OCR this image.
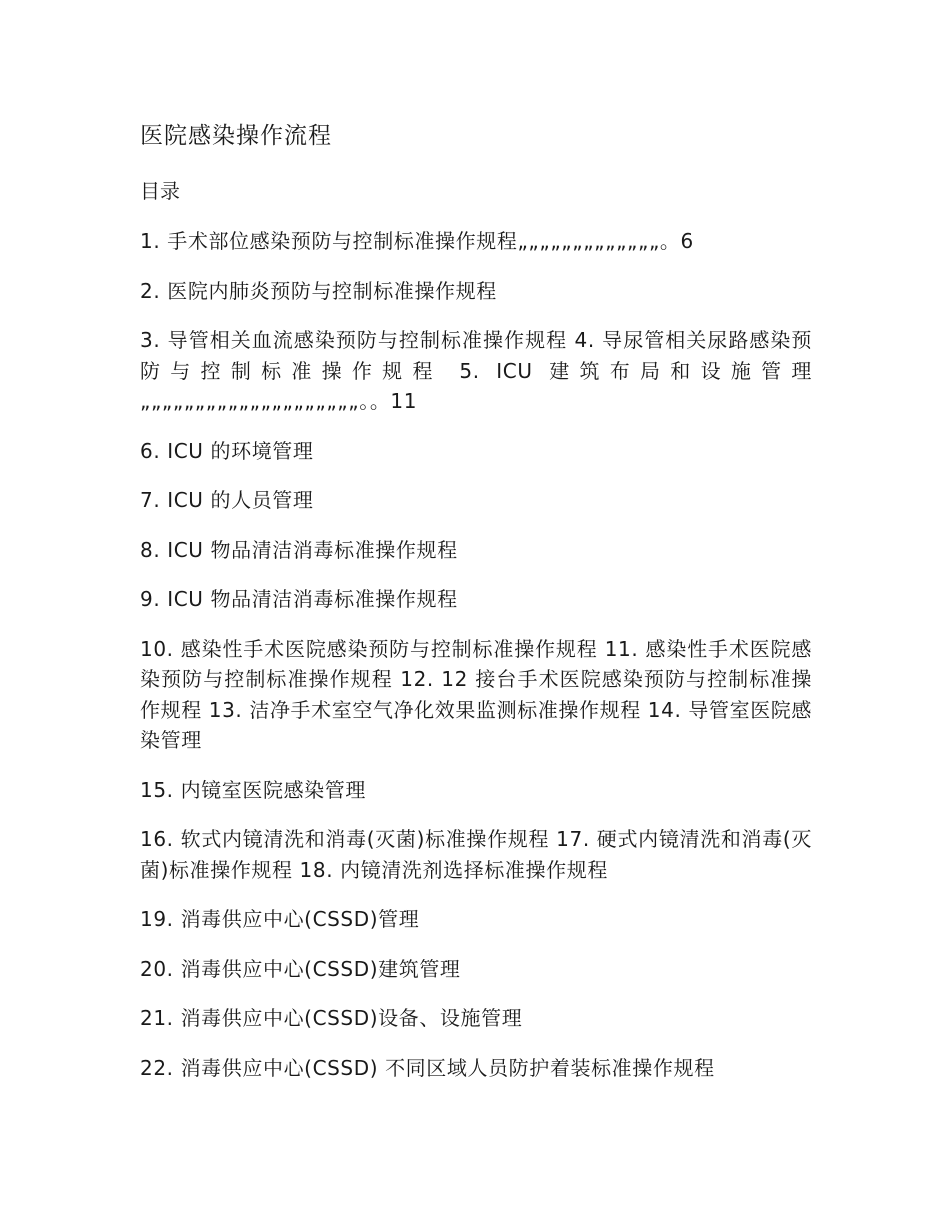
医院感染操作流程
目录

1. 手术部位感染预防与控制标准操作规程„„„„„„„„„„„„„。6

2. 医院内肺炎预防与控制标准操作规程

3. 导管相关血流感染预防与控制标准操作规程 4. 导尿管相关尿路感染预防与控制标准操作规程 5. ICU 建筑布局和设施管理„„„„„„„„„„„„„„„„„„„„。。11

6. ICU 的环境管理

7. ICU 的人员管理

8. ICU 物品清洁消毒标准操作规程

9. ICU 物品清洁消毒标准操作规程

10. 感染性手术医院感染预防与控制标准操作规程 11. 感染性手术医院感染预防与控制标准操作规程 12. 12 接台手术医院感染预防与控制标准操作规程 13. 洁净手术室空气净化效果监测标准操作规程 14. 导管室医院感染管理

15. 内镜室医院感染管理

16. 软式内镜清洗和消毒(灭菌)标准操作规程 17. 硬式内镜清洗和消毒(灭菌)标准操作规程 18. 内镜清洗剂选择标准操作规程

19. 消毒供应中心(CSSD)管理

20. 消毒供应中心(CSSD)建筑管理

21. 消毒供应中心(CSSD)设备、设施管理

22. 消毒供应中心(CSSD) 不同区域人员防护着装标准操作规程
